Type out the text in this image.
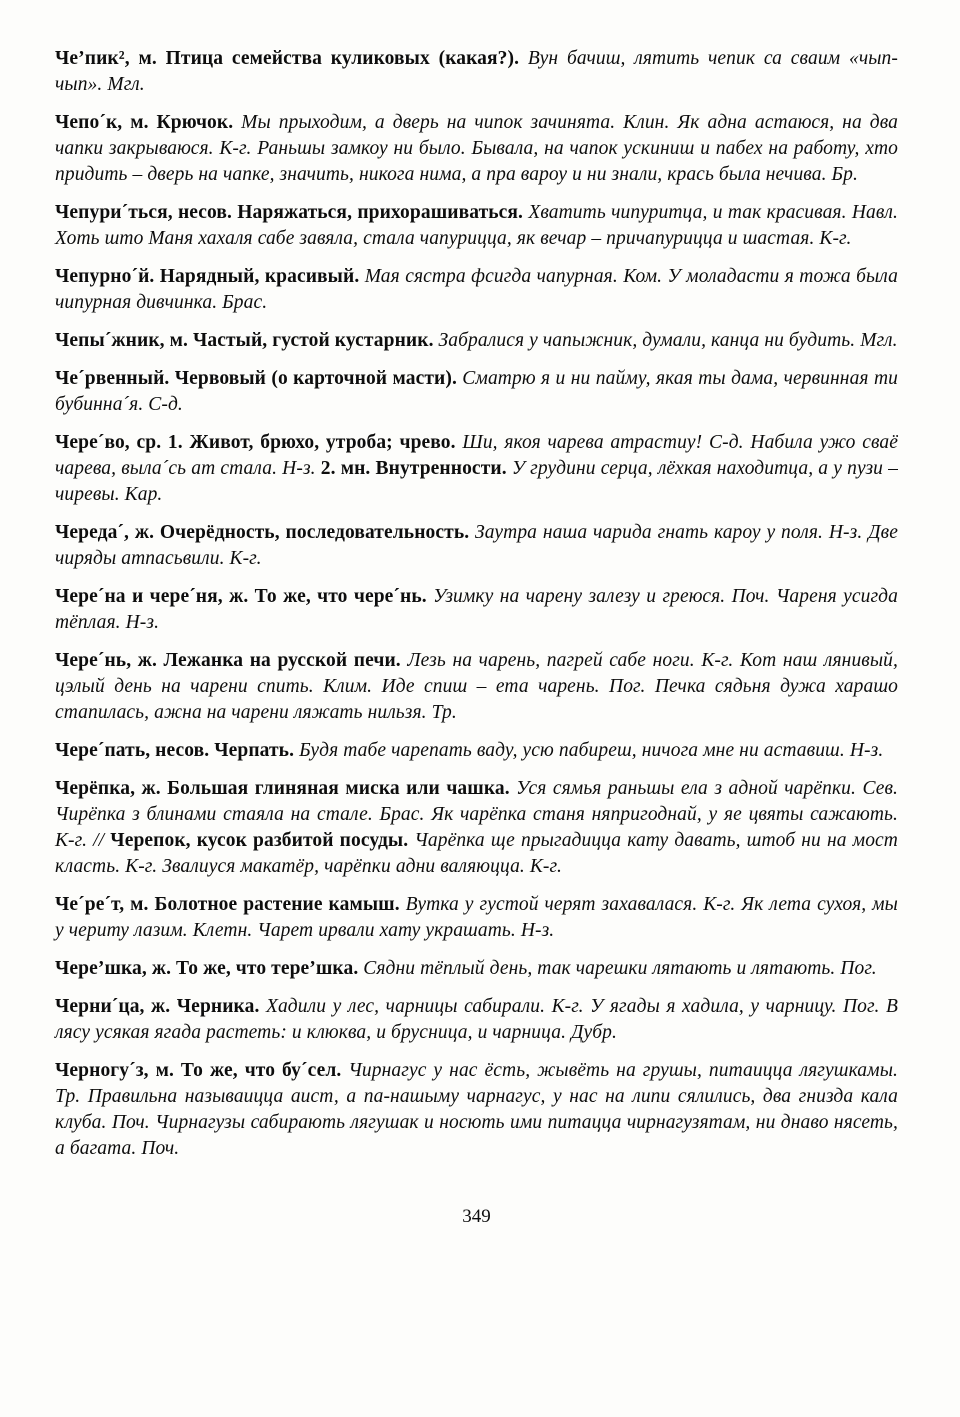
Че’пик², м. Птица семейства куликовых (какая?). Вун бачиш, лятить чепик са сваим «чып-чып». Мгл.

Чепо´к, м. Крючок. Мы прыходим, а дверь на чипок зачинята. Клин. Як адна астаюся, на два чапки закрываюся. К-г. Раньшы замкоу ни было. Бывала, на чапок ускиниш и пабех на работу, хто придить – дверь на чапке, значить, никога нима, а пра вароу и ни знали, крась была нечива. Бр.

Чепури´ться, несов. Наряжаться, прихорашиваться. Хватить чипуритца, и так красивая. Навл. Хоть што Маня хахаля сабе завяла, стала чапурицца, як вечар – причапурицца и шастая. К-г.

Чепурно´й. Нарядный, красивый. Мая сястра фсигда чапурная. Ком. У моладасти я тожа была чипурная дивчинка. Брас.

Чепы´жник, м. Частый, густой кустарник. Забралися у чапыжник, думали, канца ни будить. Мгл.

Че´рвенный. Червовый (о карточной масти). Сматрю я и ни пайму, якая ты дама, червинная ти бубинна´я. С-д.

Чере´во, ср. 1. Живот, брюхо, утроба; чрево. Ши, якоя чарева атрастиу! С-д. Набила ужо сваё чарева, выла´сь ат стала. Н-з. 2. мн. Внутренности. У грудини серца, лёхкая находитца, а у пузи – чиревы. Кар.

Череда´, ж. Очерёдность, последовательность. Заутра наша чарида гнать кароу у поля. Н-з. Две чиряды атпасьвили. К-г.

Чере´на и чере´ня, ж. То же, что чере´нь. Узимку на чарену залезу и греюся. Поч. Чареня усигда тёплая. Н-з.

Чере´нь, ж. Лежанка на русской печи. Лезь на чарень, пагрей сабе ноги. К-г. Кот наш лянивый, цэлый день на чарени спить. Клим. Иде спиш – ета чарень. Пог. Печка сядьня дужа харашо стапилась, ажна на чарени ляжать нильзя. Тр.

Чере´пать, несов. Черпать. Будя табе чарепать ваду, усю пабиреш, ничога мне ни аставиш. Н-з.

Черёпка, ж. Большая глиняная миска или чашка. Уся сямья раньшы ела з адной чарёпки. Сев. Чирёпка з блинами стаяла на стале. Брас. Як чарёпка станя няпригоднай, у яе цвяты сажають. К-г. // Черепок, кусок разбитой посуды. Чарёпка ще прыгадицца кату давать, штоб ни на мост класть. К-г. Звалиуся макатёр, чарёпки адни валяюцца. К-г.

Че´ре´т, м. Болотное растение камыш. Вутка у густой черят захавалася. К-г. Як лета сухоя, мы у чериту лазим. Клетн. Чарет ирвали хату украшать. Н-з.

Чере’шка, ж. То же, что тере’шка. Сядни тёплый день, так чарешки лятають и лятають. Пог.

Черни´ца, ж. Черника. Хадили у лес, чарницы сабирали. К-г. У ягады я хадила, у чарницу. Пог. В лясу усякая ягада растеть: и клюква, и брусница, и чарница. Дубр.

Черногу´з, м. То же, что бу´сел. Чирнагус у нас ёсть, жывёть на грушы, питаицца лягушкамы. Тр. Правильна называицца аист, а па-нашыму чарнагус, у нас на липи сялились, два гнизда кала клуба. Поч. Чирнагузы сабирають лягушак и носють ими питацца чирнагузятам, ни днаво нясеть, а багата. Поч.

349
